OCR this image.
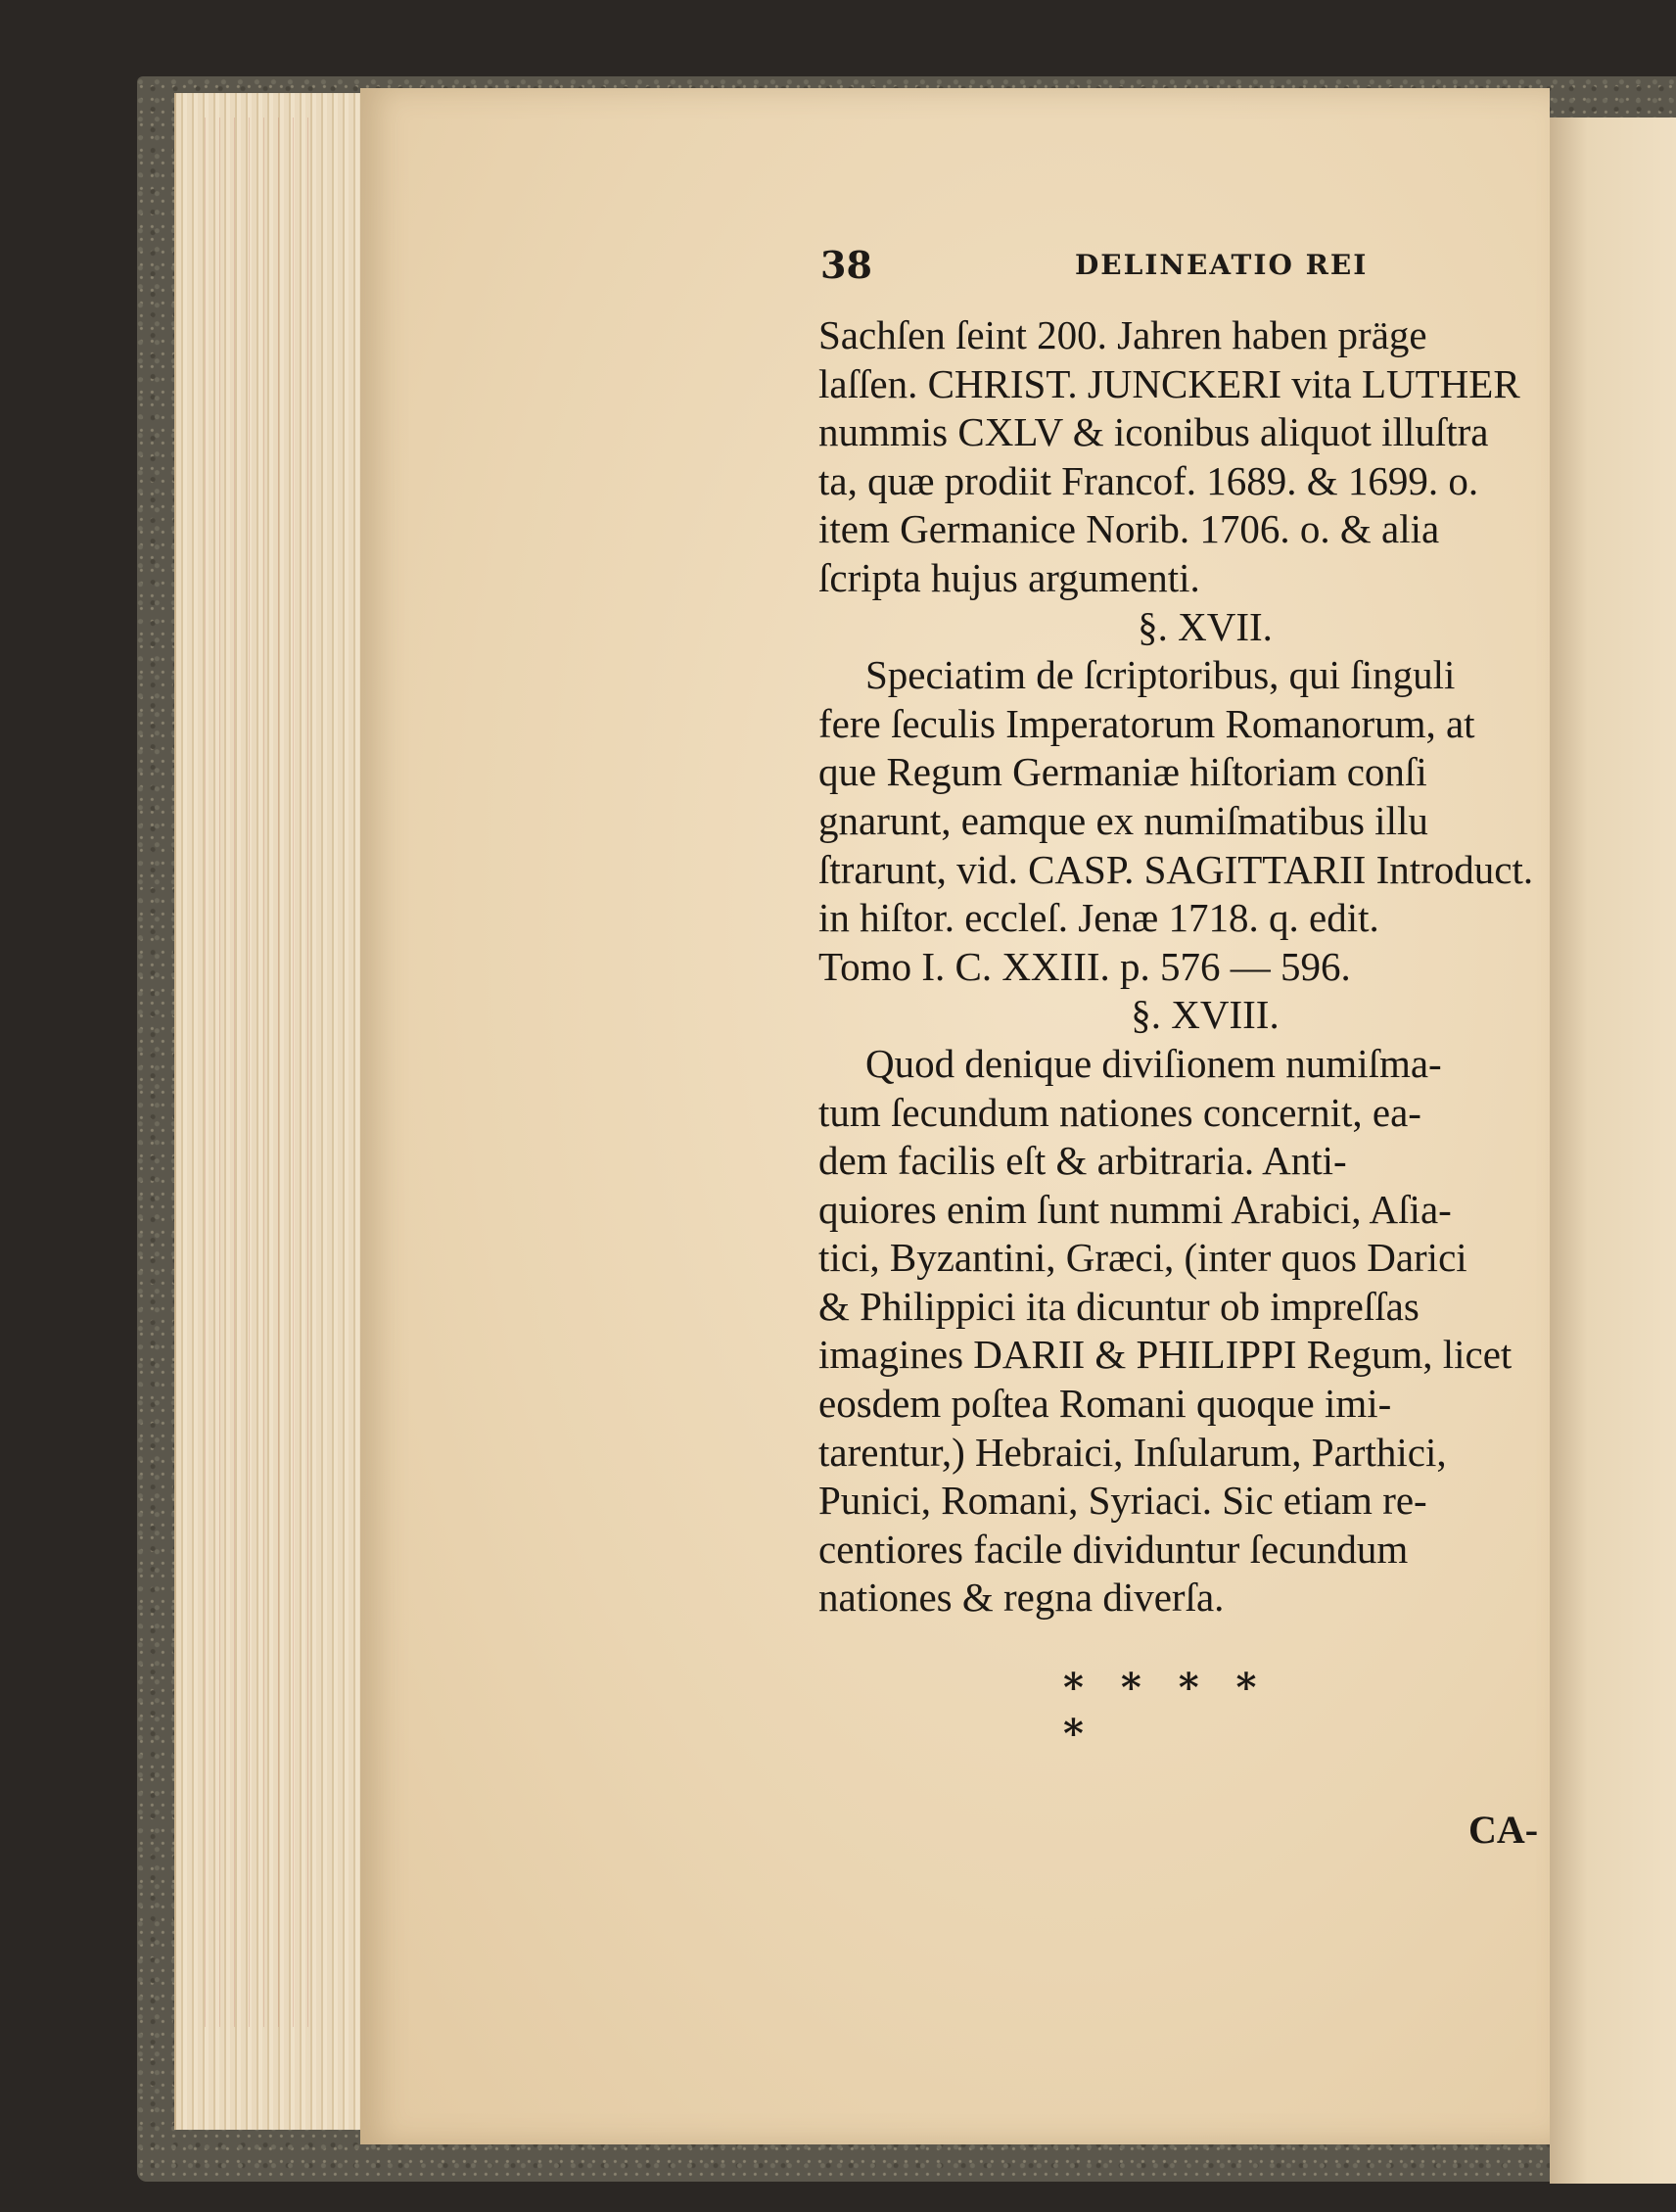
38	DELINEATIO REI
Sachſen ſeint 200. Jahren haben präge
laſſen. CHRIST. JUNCKERI vita LUTHER
nummis CXLV & iconibus aliquot illuſtra
ta, quæ prodiit Francof. 1689. & 1699. o.
item Germanice Norib. 1706. o. & alia
ſcripta hujus argumenti.
§. XVII.
Speciatim de ſcriptoribus, qui ſinguli
fere ſeculis Imperatorum Romanorum, at
que Regum Germaniæ hiſtoriam conſi
gnarunt, eamque ex numiſmatibus illu
ſtrarunt, vid. CASP. SAGITTARII Introduct.
in hiſtor. eccleſ. Jenæ 1718. q. edit.
Tomo I. C. XXIII. p. 576 — 596.
§. XVIII.
Quod denique diviſionem numiſma-
tum ſecundum nationes concernit, ea-
dem facilis eſt & arbitraria. Anti-
quiores enim ſunt nummi Arabici, Aſia-
tici, Byzantini, Græci, (inter quos Darici
& Philippici ita dicuntur ob impreſſas
imagines DARII & PHILIPPI Regum, licet
eosdem poſtea Romani quoque imi-
tarentur,) Hebraici, Inſularum, Parthici,
Punici, Romani, Syriaci. Sic etiam re-
centiores facile dividuntur ſecundum
nationes & regna diverſa.
* * * * *
CA-
